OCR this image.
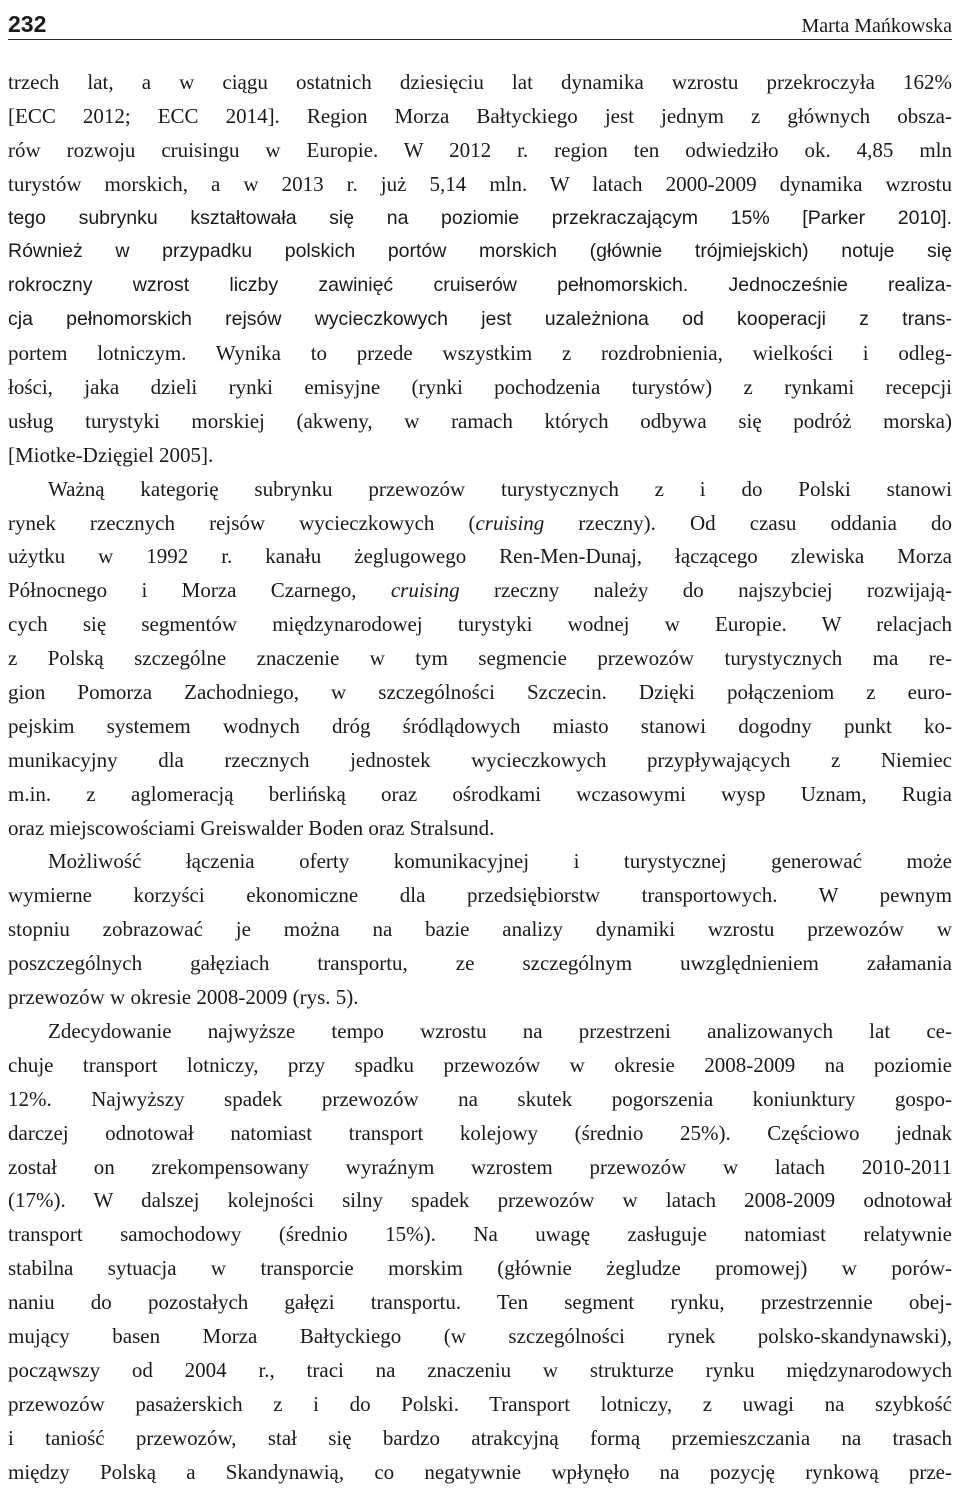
232	Marta Mańkowska
trzech lat, a w ciągu ostatnich dziesięciu lat dynamika wzrostu przekroczyła 162%
[ECC 2012; ECC 2014]. Region Morza Bałtyckiego jest jednym z głównych obsza-
rów rozwoju cruisingu w Europie. W 2012 r. region ten odwiedziło ok. 4,85 mln
turystów morskich, a w 2013 r. już 5,14 mln. W latach 2000-2009 dynamika wzrostu
tego subrynku kształtowała się na poziomie przekraczającym 15% [Parker 2010].
Również w przypadku polskich portów morskich (głównie trójmiejskich) notuje się
rokroczny wzrost liczby zawinięć cruiserów pełnomorskich. Jednocześnie realiza-
cja pełnomorskich rejsów wycieczkowych jest uzależniona od kooperacji z trans-
portem lotniczym. Wynika to przede wszystkim z rozdrobnienia, wielkości i odleg-
łości, jaka dzieli rynki emisyjne (rynki pochodzenia turystów) z rynkami recepcji
usług turystyki morskiej (akweny, w ramach których odbywa się podróż morska)
[Miotke-Dzięgiel 2005].
Ważną kategorię subrynku przewozów turystycznych z i do Polski stanowi
rynek rzecznych rejsów wycieczkowych (cruising rzeczny). Od czasu oddania do
użytku w 1992 r. kanału żeglugowego Ren-Men-Dunaj, łączącego zlewiska Morza
Północnego i Morza Czarnego, cruising rzeczny należy do najszybciej rozwijają-
cych się segmentów międzynarodowej turystyki wodnej w Europie. W relacjach
z Polską szczególne znaczenie w tym segmencie przewozów turystycznych ma re-
gion Pomorza Zachodniego, w szczególności Szczecin. Dzięki połączeniom z euro-
pejskim systemem wodnych dróg śródlądowych miasto stanowi dogodny punkt ko-
munikacyjny dla rzecznych jednostek wycieczkowych przypływających z Niemiec
m.in. z aglomeracją berlińską oraz ośrodkami wczasowymi wysp Uznam, Rugia
oraz miejscowościami Greiswalder Boden oraz Stralsund.
Możliwość łączenia oferty komunikacyjnej i turystycznej generować może
wymierne korzyści ekonomiczne dla przedsiębiorstw transportowych. W pewnym
stopniu zobrazować je można na bazie analizy dynamiki wzrostu przewozów w
poszczególnych gałęziach transportu, ze szczególnym uwzględnieniem załamania
przewozów w okresie 2008-2009 (rys. 5).
Zdecydowanie najwyższe tempo wzrostu na przestrzeni analizowanych lat ce-
chuje transport lotniczy, przy spadku przewozów w okresie 2008-2009 na poziomie
12%. Najwyższy spadek przewozów na skutek pogorszenia koniunktury gospo-
darczej odnotował natomiast transport kolejowy (średnio 25%). Częściowo jednak
został on zrekompensowany wyraźnym wzrostem przewozów w latach 2010-2011
(17%). W dalszej kolejności silny spadek przewozów w latach 2008-2009 odnotował
transport samochodowy (średnio 15%). Na uwagę zasługuje natomiast relatywnie
stabilna sytuacja w transporcie morskim (głównie żegludze promowej) w porów-
naniu do pozostałych gałęzi transportu. Ten segment rynku, przestrzennie obej-
mujący basen Morza Bałtyckiego (w szczególności rynek polsko-skandynawski),
począwszy od 2004 r., traci na znaczeniu w strukturze rynku międzynarodowych
przewozów pasażerskich z i do Polski. Transport lotniczy, z uwagi na szybkość
i taniość przewozów, stał się bardzo atrakcyjną formą przemieszczania na trasach
między Polską a Skandynawią, co negatywnie wpłynęło na pozycję rynkową prze-
